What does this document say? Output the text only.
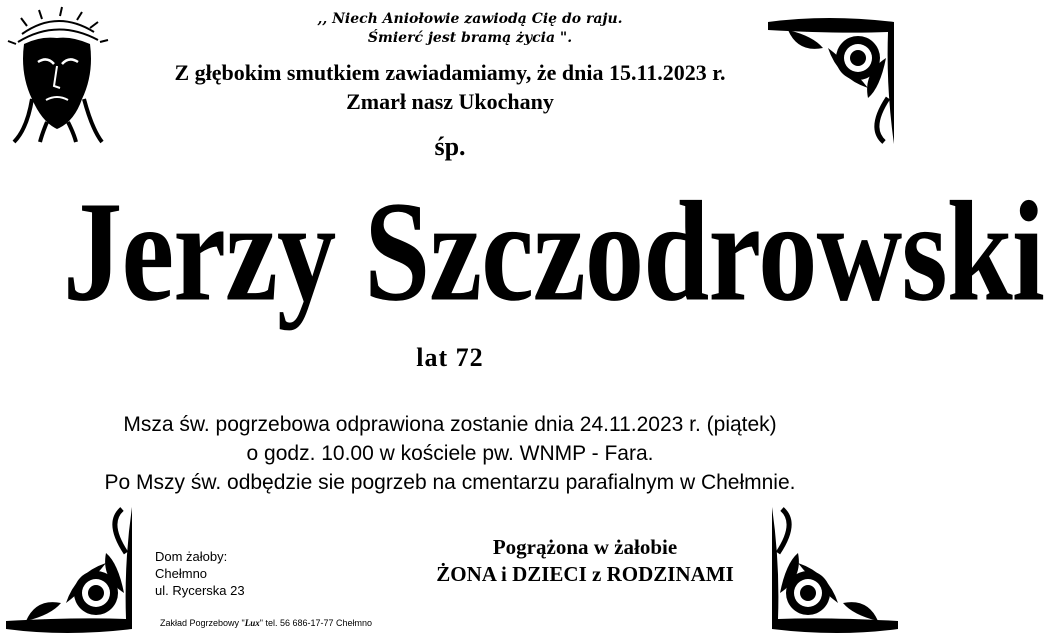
,, Niech Aniołowie zawiodą Cię do raju.
Śmierć jest bramą życia ".
Z głębokim smutkiem zawiadamiamy, że dnia 15.11.2023 r.
Zmarł nasz Ukochany
śp.
Jerzy Szczodrowski
lat 72
Msza św. pogrzebowa odprawiona zostanie dnia 24.11.2023 r. (piątek)
o godz. 10.00 w kościele pw. WNMP - Fara.
Po Mszy św. odbędzie sie pogrzeb na cmentarzu parafialnym w Chełmnie.
Dom żałoby:
Chełmno
ul. Rycerska 23
Pogrążona w żałobie
ŻONA i DZIECI z RODZINAMI
Zakład Pogrzebowy "Lux" tel. 56 686-17-77 Chełmno
